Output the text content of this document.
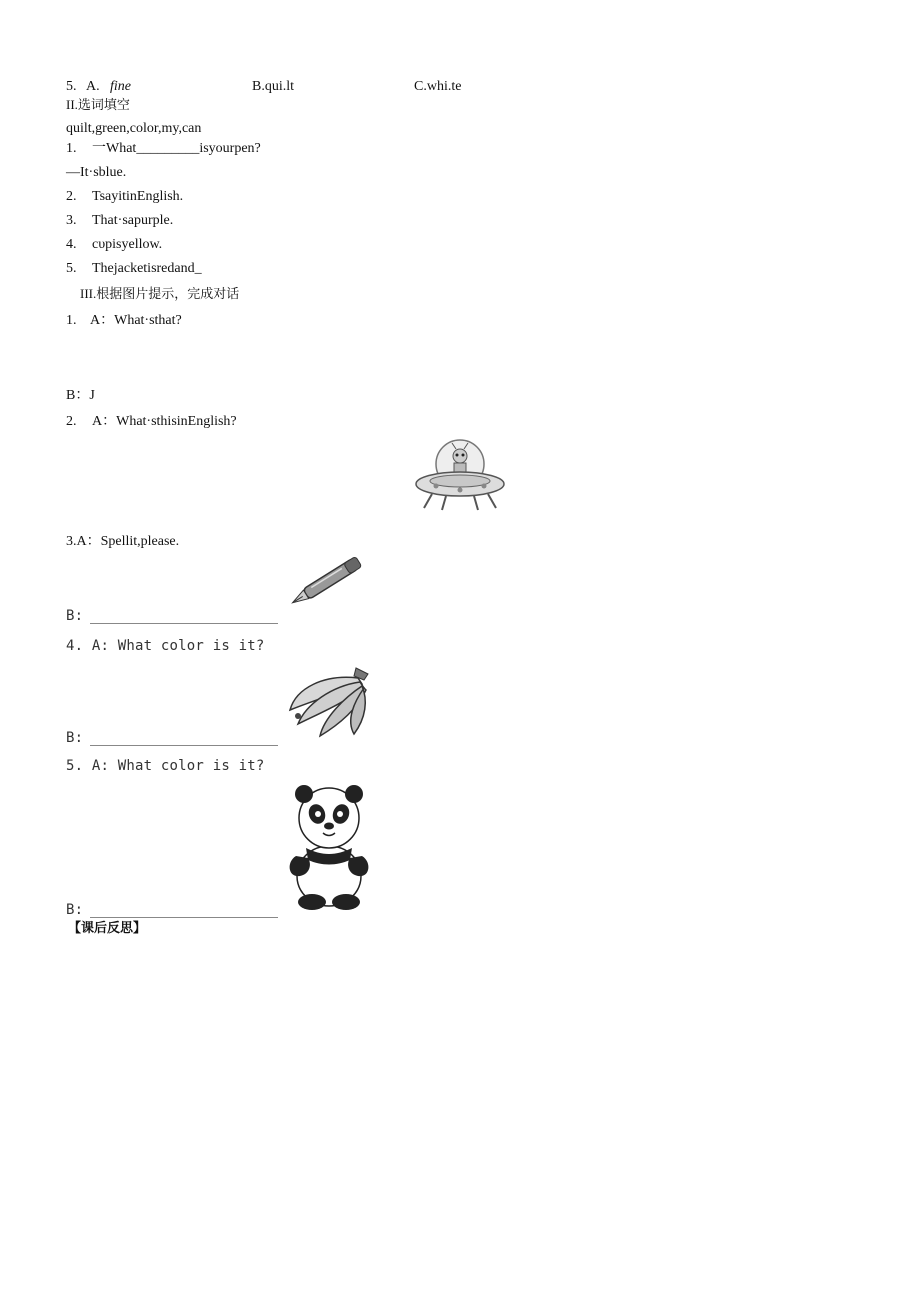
5. A. fine	B.qui.lt	C.whi.te
II.选词填空
quilt,green,color,my,can
1. 一What_________isyourpen?
—It·sblue.
2. TsayitinEnglish.
3. That·sapurple.
4. cυpisyellow.
5. Thejacketisredand_
III.根据图片提示，完成对话
1. A：What·sthat?
B：J
2. A：What·sthisinEnglish?
3.A：Spellit,please.
B:
4. A: What color is it?
B:
5. A: What color is it?
B:
【课后反思】
